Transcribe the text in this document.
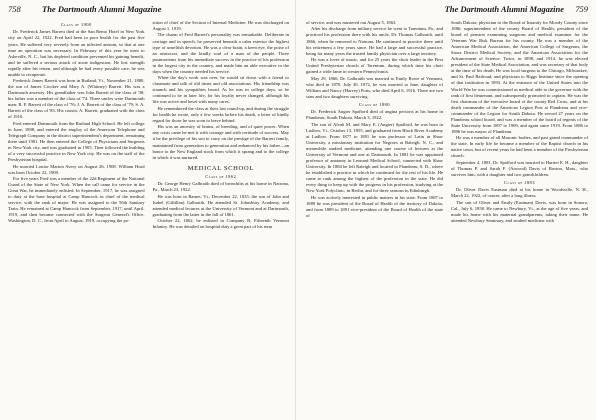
758	The Dartmouth Alumni Magazine
Class of 1900

Dr. Frederick James Barrett died at the San Remo Hotel in New York city on April 22, 1922. Fred had been in poor health for the past five years. He suffered very severely from an infected antrum, so that at one time an operation was necessary. In February of this year he went to Asheville, N. C., but his depleted condition prevented his gaining benefit, and he suffered a serious attack of acute indigestion. He lost strength rapidly after his return, and although he had every possible care, he was unable to recuperate.

Frederick James Barrett was born in Rutland, Vt., November 21, 1880, the son of James Crocker and Mary A. (Whitney) Barrett. His was a Dartmouth ancestry. His grandfather was John Barrett of the class of '38; his father was a member of the class of '74. Three uncles were Dartmouth men: R. F. Barrett of the class of '76; J. A. Barrett of the class of '79; S. A. Barrett of the class of '83. His cousin, A. Barrett, graduated with the class of 1910.

Fred entered Dartmouth from the Rutland High School. He left college in June, 1898, and entered the employ of the American Telephone and Telegraph Company in the district superintendent's department, remaining there until 1901. He then entered the College of Physicians and Surgeons in New York city, and was graduated in 1905. Then followed the building of a very successful practice in New York city. He was on the staff of the Presbyterian hospital.

He married Louise Marion Avery on August 26, 1908. William Hurd was born October 22, 1909.

For five years Fred was a member of the 22d Regiment of the National Guard of the State of New York. When the call came for service in the Great War, he immediately enlisted. In September, 1917, he was assigned to duty at the base hospital at Camp Hancock as chief of the medical service, with the rank of major. He was assigned to the 56th Sanitary Train. He remained at Camp Hancock from September, 1917, until April, 1919, and then became connected with the Surgeon General's Office, Washington, D. C., from April to August, 1919, occupying the po-

sition of chief of the Section of Internal Medicine. He was discharged on August 1, 1919.

The charm of Fred Barrett's personality was remarkable. Deliberate in carriage and in speech, he preserved beneath a calm exterior the highest type of unselfish devotion. He was a clear brain, a keen eye, the poise of an aristocrat, and the kindly soul of a man of the people. Three postmortems from his immediate success in the practice of his profession in the largest city in the country, and made him an able executive in the days when the country needed his service.

When the day's work was over, he would sit down with a friend or classmate and talk of old times and old associations. His friendship was staunch and his sympathies broad. As he was in college days, so he continued to be in later life, for his loyalty never changed, although his life was active and beset with many cares.

He remembered the class at their last round-up, and during the struggle for health he wrote, only a few weeks before his death, a letter of kindly regard for those he was soon to leave behind.

His was an ancestry of brains, of breeding, and of quiet power. When any crisis came he met it with courage and with certitude of success. May it be the privilege of his son to carry on the prestige of the Barrett family, maintained from generation to generation and enhanced by his father—an honor to the New England stock from which it sprang and to the college in which it was nurtured.

MEDICAL SCHOOL
Class of 1862

Dr. George Henry Galbraith died of bronchitis at his home in Natrona, Pa., March 23, 1922.

He was born in Barnet, Vt., December 22, 1835, the son of John and Isabel (Gilfillan) Galbraith. He attended St. Johnsbury Academy, and attended medical lectures at the University of Vermont and at Dartmouth, graduating from the latter in the fall of 1861.

October 22, 1862, he enlisted in Company B, Fifteenth Vermont Infantry. He was detailed on hospital duty a great part of his term

The Dartmouth Alumni Magazine 759

of service, and was mustered out August 5, 1863.

After his discharge from military service he went to Tarentum, Pa., and practiced his profession there with his uncle, Dr. Thomas Galbraith, until 1866, when he removed to Natrona. He continued in practice there until his retirement a few years since. He had a large and successful practice, being for many years the trusted family physician over a large territory.

He was a lover of music, and for 25 years the choir leader in the First United Presbyterian church of Tarentum, during which time his choir gained a wide fame in western Pennsylvania.

May 29, 1866, Dr. Galbraith was married to Emily Rowe of Vermont, who died in 1870. July 30, 1872, he was married to Jane, daughter of William and Nancy (Harvey) Potts, who died April 6, 1916. There are two sons and two daughters surviving.

Class of 1880

Dr. Frederick Angier Spafford died of angina pectoris at his home in Flandreau, South Dakota, March 3, 1922.

The son of Alvah M. and Mary E. (Angier) Spafford, he was born in Ludlow, Vt., October 13, 1855, and graduated from Black River Academy at Ludlow. From 1877 to 1881 he was professor of Latin in Shaw University, a missionary institution for Negroes at Raleigh, N. C., and meanwhile studied medicine, attending one course of lectures at the University of Vermont and one at Dartmouth. In 1881 he was appointed professor of anatomy in Leonard Medical School, connected with Shaw University. In 1884 he left Raleigh and located in Flandreau, S. D., where he established a practice in which he continued for the rest of his life. He came to rank among the highest of the profession in the state. He did every thing to keep up with the progress in his profession, studying at the New York Polyclinic, in Berlin, and for three seasons in Edinburgh.

He was actively interested in public matters in his state. From 1887 to 1889 he was president of the Board of Health of the territory of Dakota, and from 1889 to 1891 vice-president of the Board of Health of the state of

South Dakota; physician to the Board of Insanity for Moody County since 1886; superintendent of the county Board of Health; president of the board of pension examining surgeons and medical examiner for the Veterans War Risk Bureau for his county. He was a member of the American Medical Association, the American College of Surgeons, the Sioux District Medical Society, and the American Association for the Advancement of Science. Twice, in 1898, and 1914, he was elected president of the State Medical Association, and was secretary of that body at the time of his death. He was local surgeon to the Chicago, Milwaukee, and St. Paul Railroad, and physician to Riggs Institute since the opening of that institution in 1893. At the entrance of the United States into the World War he was commissioned as medical aide to the governor with the rank of first lieutenant, and subsequently promoted to captain. He was the first chairman of the executive board of the county Red Cross, and at his death commander of the American Legion Post at Flandreau and vice-commander of the Legion for South Dakota. He served 27 years on the Flandreau school board, and was a member of the board of regents of the State University from 1897 to 1909, and again since 1919. From 1886 to 1896 he was mayor of Flandreau.

He was a member of all Masonic bodies, and past grand commander of the state. In early life he became a member of the Baptist church in his native town, but of recent years he had been a member of the Presbyterian church.

September 4, 1881, Dr. Spafford was married to Harriet E. H., daughter of Thomas P. and Sarah F. (Atwood) Davis of Boston, Mass., who survives him, with a daughter and two grandchildren.

Class of 1883

Dr. Oliver Davis Eastman died at his home in Woodsville, N. H., March 22, 1922, of cancer, after a long illness.

The son of Oliver and Emily (Eastman) Davis, was born in Sonora, Cal., July 6, 1858. He came to Newbury, Vt., at the age of five years, and made his home with his maternal grandparents, taking their name. He attended Newbury Seminary, and studied medicine with
